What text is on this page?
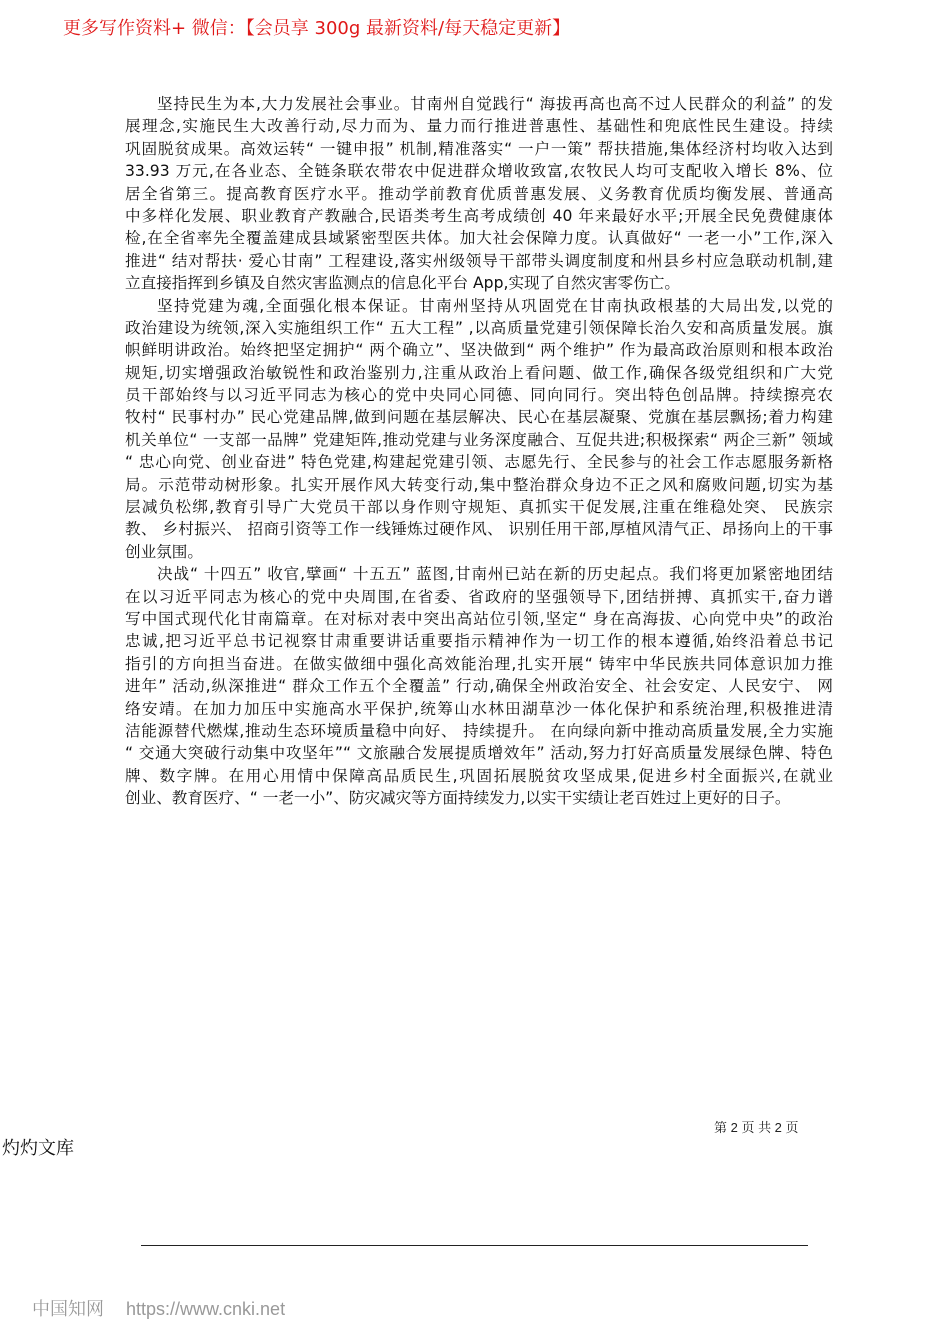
更多写作资料+ 微信：【会员享 300g 最新资料/每天稳定更新】
坚持民生为本,大力发展社会事业。甘南州自觉践行“ 海拔再高也高不过人民群众的利益” 的发
展理念,实施民生大改善行动,尽力而为、量力而行推进普惠性、基础性和兜底性民生建设。持续
巩固脱贫成果。高效运转“ 一键申报” 机制,精准落实“ 一户一策” 帮扶措施,集体经济村均收入达到
33.93 万元,在各业态、全链条联农带农中促进群众增收致富,农牧民人均可支配收入增长 8%、位
居全省第三。提高教育医疗水平。推动学前教育优质普惠发展、义务教育优质均衡发展、普通高
中多样化发展、职业教育产教融合,民语类考生高考成绩创 40 年来最好水平;开展全民免费健康体
检,在全省率先全覆盖建成县域紧密型医共体。加大社会保障力度。认真做好“ 一老一小”工作,深入
推进“ 结对帮扶· 爱心甘南” 工程建设,落实州级领导干部带头调度制度和州县乡村应急联动机制,建
立直接指挥到乡镇及自然灾害监测点的信息化平台 App,实现了自然灾害零伤亡。
坚持党建为魂,全面强化根本保证。甘南州坚持从巩固党在甘南执政根基的大局出发,以党的
政治建设为统领,深入实施组织工作“ 五大工程” ,以高质量党建引领保障长治久安和高质量发展。旗
帜鲜明讲政治。始终把坚定拥护“ 两个确立”、坚决做到“ 两个维护” 作为最高政治原则和根本政治
规矩,切实增强政治敏锐性和政治鉴别力,注重从政治上看问题、做工作,确保各级党组织和广大党
员干部始终与以习近平同志为核心的党中央同心同德、同向同行。突出特色创品牌。持续擦亮农
牧村“ 民事村办” 民心党建品牌,做到问题在基层解决、民心在基层凝聚、党旗在基层飘扬;着力构建
机关单位“ 一支部一品牌” 党建矩阵,推动党建与业务深度融合、互促共进;积极探索“ 两企三新” 领域
“ 忠心向党、创业奋进” 特色党建,构建起党建引领、志愿先行、全民参与的社会工作志愿服务新格
局。示范带动树形象。扎实开展作风大转变行动,集中整治群众身边不正之风和腐败问题,切实为基
层减负松绑,教育引导广大党员干部以身作则守规矩、真抓实干促发展,注重在维稳处突、 民族宗
教、 乡村振兴、 招商引资等工作一线锤炼过硬作风、 识别任用干部,厚植风清气正、昂扬向上的干事
创业氛围。
决战“ 十四五” 收官,擘画“ 十五五” 蓝图,甘南州已站在新的历史起点。我们将更加紧密地团结
在以习近平同志为核心的党中央周围,在省委、省政府的坚强领导下,团结拼搏、真抓实干,奋力谱
写中国式现代化甘南篇章。在对标对表中突出高站位引领,坚定“ 身在高海拔、心向党中央”的政治
忠诚,把习近平总书记视察甘肃重要讲话重要指示精神作为一切工作的根本遵循,始终沿着总书记
指引的方向担当奋进。在做实做细中强化高效能治理,扎实开展“ 铸牢中华民族共同体意识加力推
进年” 活动,纵深推进“ 群众工作五个全覆盖” 行动,确保全州政治安全、社会安定、人民安宁、 网
络安靖。在加力加压中实施高水平保护,统筹山水林田湖草沙一体化保护和系统治理,积极推进清
洁能源替代燃煤,推动生态环境质量稳中向好、 持续提升。 在向绿向新中推动高质量发展,全力实施
“ 交通大突破行动集中攻坚年”“ 文旅融合发展提质增效年” 活动,努力打好高质量发展绿色牌、特色
牌、数字牌。在用心用情中保障高品质民生,巩固拓展脱贫攻坚成果,促进乡村全面振兴,在就业
创业、教育医疗、“ 一老一小”、防灾减灾等方面持续发力,以实干实绩让老百姓过上更好的日子。
第 2 页 共 2 页
灼灼文库
中国知网 https://www.cnki.net
